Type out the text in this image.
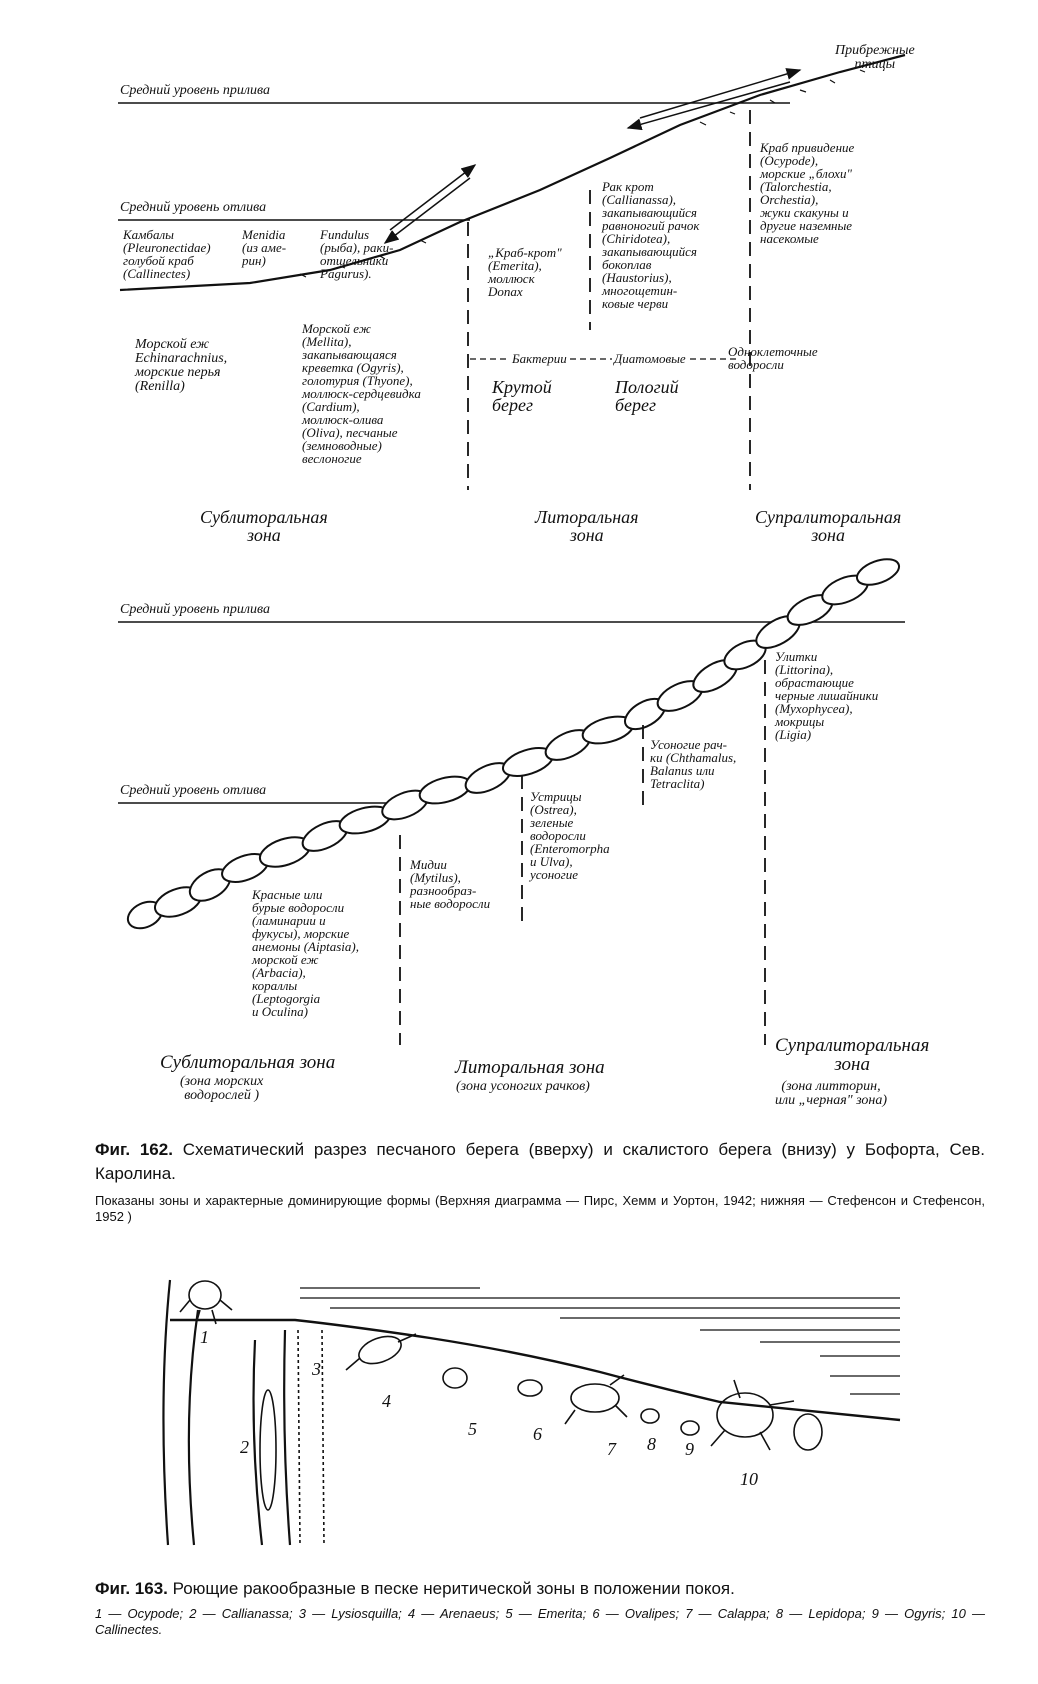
Средний уровень прилива
Прибрежные
птицы
Средний уровень отлива
Камбалы
(Pleuronectidae)
голубой краб
(Callinectes)
Menidia
(из аме-
рин)
Fundulus
(рыба), раки-
отшельники
Pagurus).
„Краб-крот"
(Emerita),
моллюск
Donax
Рак крот
(Callianassa),
закапывающийся
равноногий рачок
(Chiridotea),
закапывающийся
бокоплав
(Haustorius),
многощетин-
ковые черви
Краб привидение
(Ocypode),
морские „блохи"
(Talorchestia,
Orchestia),
жуки скакуны и
другие наземные
насекомые
Морской еж
Echinarachnius,
морские перья
(Renilla)
Морской еж
(Mellita),
закапывающаяся
креветка (Ogyris),
голотурия (Thyone),
моллюск-сердцевидка
(Cardium),
моллюск-олива
(Oliva), песчаные
(земноводные)
веслоногие
Бактерии	Диатомовые	Одноклеточные
водоросли
Крутой
берег
Пологий
берег
Сублиторальная
зона
Литоральная
зона
Супралиторальная
зона
Средний уровень прилива
Средний уровень отлива
Улитки
(Littorina),
обрастающие
черные лишайники
(Myxophycea),
мокрицы
(Ligia)
Усоногие рач-
ки (Chthamalus,
Balanus или
Tetraclita)
Устрицы
(Ostrea),
зеленые
водоросли
(Enteromorpha
и Ulva),
усоногие
Мидии
(Mytilus),
разнообраз-
ные водоросли
Красные или
бурые водоросли
(ламинарии и
фукусы), морские
анемоны (Aiptasia),
морской еж
(Arbacia),
кораллы
(Leptogorgia
и Oculina)
Сублиторальная зона
(зона морских
водорослей )
Литоральная зона
(зона усоногих рачков)
Супралиторальная
зона
(зона литторин,
или „черная" зона)
Фиг. 162. Схематический разрез песчаного берега (вверху) и скалистого берега (внизу) у Бофорта, Сев. Каролина.
Показаны зоны и характерные доминирующие формы (Верхняя диаграмма — Пирс, Хемм и Уортон, 1942; нижняя — Стефенсон и Стефенсон, 1952 )
1
2
3
4
5	6
7 8 9
10
Фиг. 163. Роющие ракообразные в песке неритической зоны в положении покоя.
1 — Ocypode; 2 — Callianassa; 3 — Lysiosquilla; 4 — Arenaeus; 5 — Emerita; 6 — Ovalipes; 7 — Calappa; 8 — Lepidopa; 9 — Ogyris; 10 — Callinectes.
